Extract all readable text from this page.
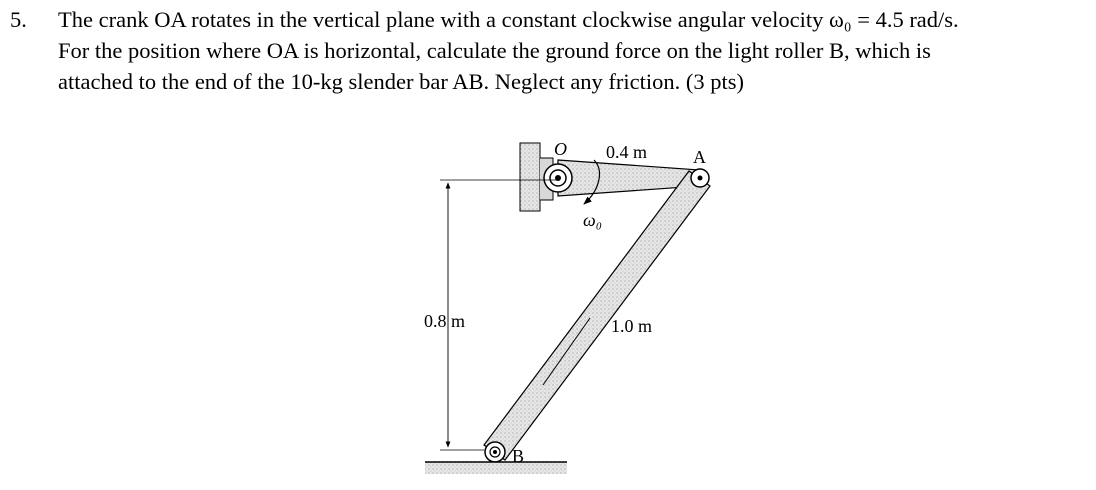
5. The crank OA rotates in the vertical plane with a constant clockwise angular velocity ω₀ = 4.5 rad/s.
For the position where OA is horizontal, calculate the ground force on the light roller B, which is
attached to the end of the 10-kg slender bar AB. Neglect any friction. (3 pts)
O	A
B
ω₀
0.4 m
0.8 m	1.0 m
